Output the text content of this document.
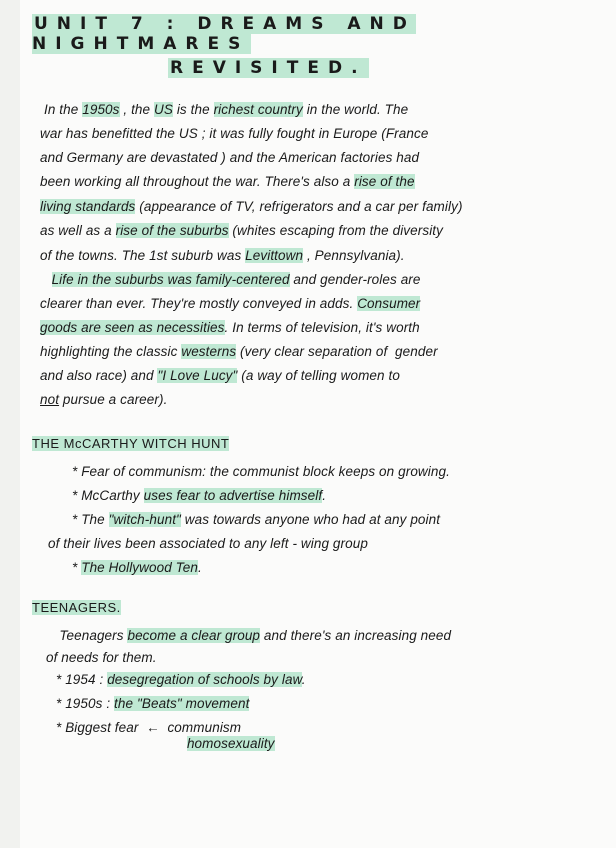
UNIT 7 : DREAMS AND NIGHTMARES
REVISITED.
In the 1950s , the US is the richest country in the world. The
war has benefitted the US ; it was fully fought in Europe (France
and Germany are devastated ) and the American factories had
been working all throughout the war. There's also a rise of the
living standards (appearance of TV, refrigerators and a car per family)
as well as a rise of the suburbs (whites escaping from the diversity
of the towns. The 1st suburb was Levittown , Pennsylvania).
Life in the suburbs was family-centered and gender-roles are
clearer than ever. They're mostly conveyed in adds. Consumer
goods are seen as necessities. In terms of television, it's worth
highlighting the classic westerns (very clear separation of  gender
and also race) and "I Love Lucy" (a way of telling women to
not pursue a career).
THE McCARTHY WITCH HUNT
* Fear of communism: the communist block keeps on growing.
* McCarthy uses fear to advertise himself.
* The "witch-hunt" was towards anyone who had at any point
of their lives been associated to any left - wing group
* The Hollywood Ten.
TEENAGERS.
Teenagers become a clear group and there's an increasing need
of needs for them.
* 1954 : desegregation of schools by law.
* 1950s : the "Beats" movement
* Biggest fear  ←  communism
homosexuality
